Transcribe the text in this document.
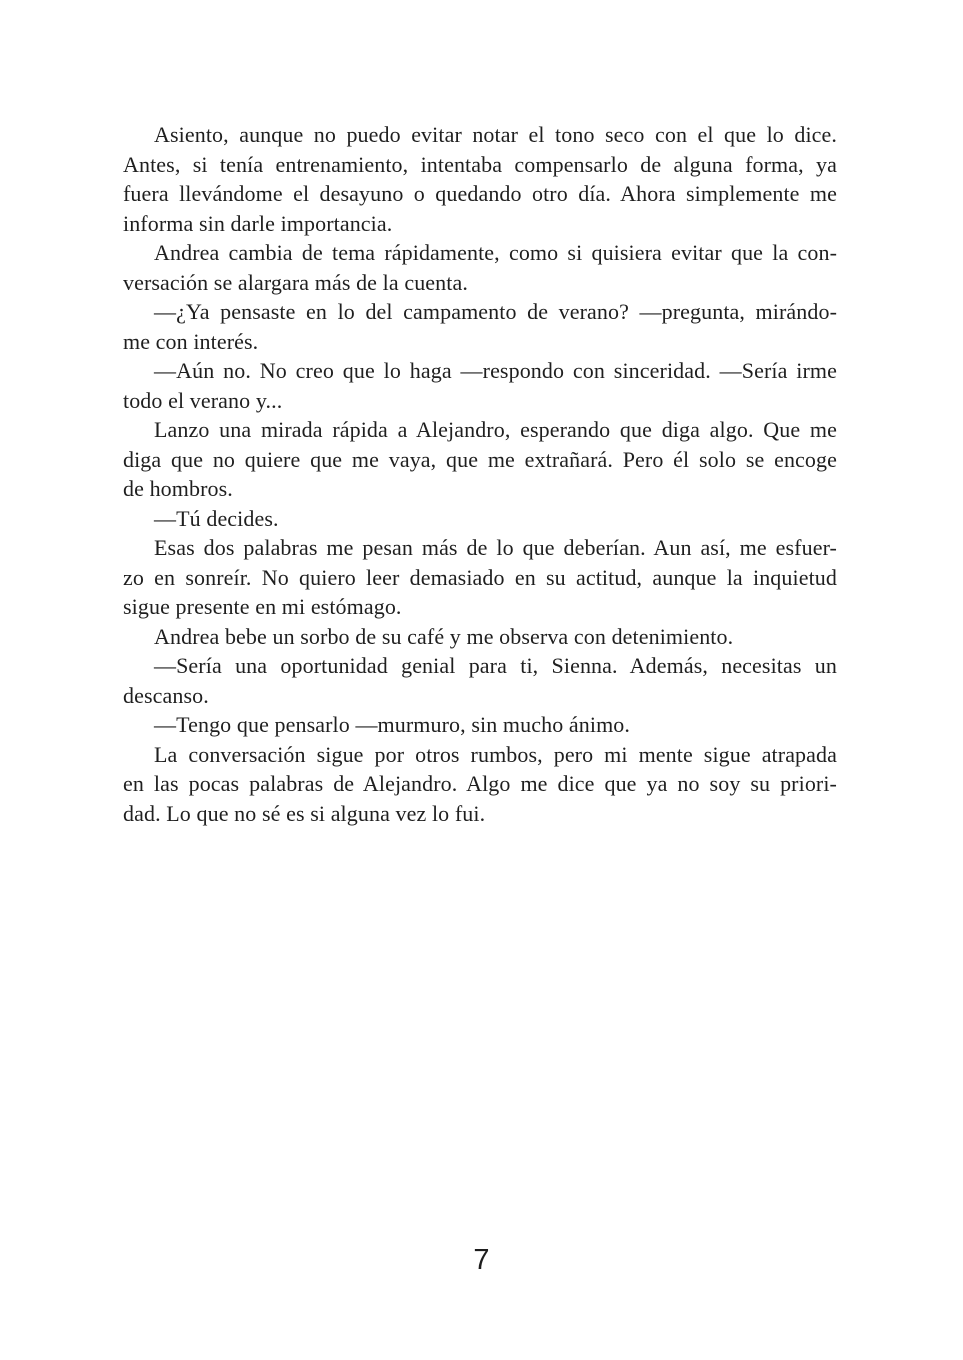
Asiento, aunque no puedo evitar notar el tono seco con el que lo dice.
Antes, si tenía entrenamiento, intentaba compensarlo de alguna forma, ya
fuera llevándome el desayuno o quedando otro día. Ahora simplemente me
informa sin darle importancia.

Andrea cambia de tema rápidamente, como si quisiera evitar que la con-
versación se alargara más de la cuenta.

—¿Ya pensaste en lo del campamento de verano? —pregunta, mirándo-
me con interés.

—Aún no. No creo que lo haga —respondo con sinceridad. —Sería irme
todo el verano y...

Lanzo una mirada rápida a Alejandro, esperando que diga algo. Que me
diga que no quiere que me vaya, que me extrañará. Pero él solo se encoge
de hombros.

—Tú decides.

Esas dos palabras me pesan más de lo que deberían. Aun así, me esfuer-
zo en sonreír. No quiero leer demasiado en su actitud, aunque la inquietud
sigue presente en mi estómago.

Andrea bebe un sorbo de su café y me observa con detenimiento.

—Sería una oportunidad genial para ti, Sienna. Además, necesitas un
descanso.

—Tengo que pensarlo —murmuro, sin mucho ánimo.

La conversación sigue por otros rumbos, pero mi mente sigue atrapada
en las pocas palabras de Alejandro. Algo me dice que ya no soy su priori-
dad. Lo que no sé es si alguna vez lo fui.

7
